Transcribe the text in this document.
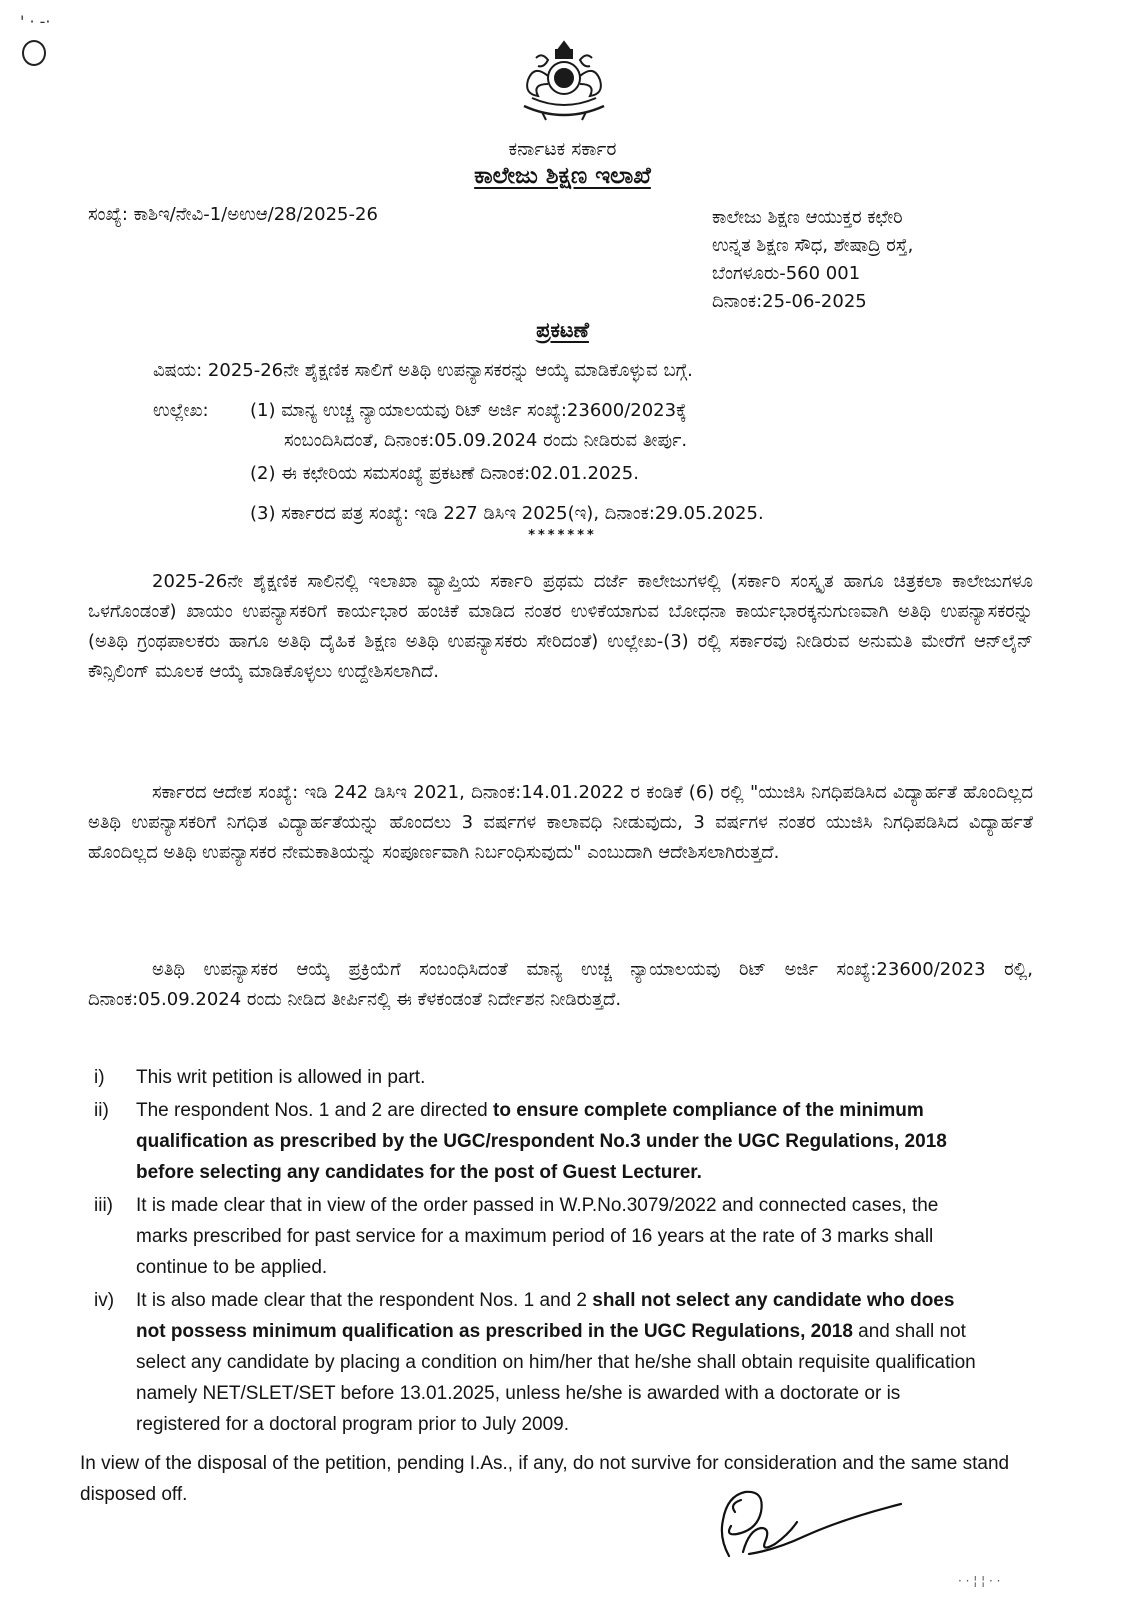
' · -·
ಕರ್ನಾಟಕ ಸರ್ಕಾರ
ಕಾಲೇಜು ಶಿಕ್ಷಣ ಇಲಾಖೆ
ಸಂಖ್ಯೆ: ಕಾಶಿಇ/ನೇವಿ-1/ಅಉಆ/28/2025-26	ಕಾಲೇಜು ಶಿಕ್ಷಣ ಆಯುಕ್ತರ ಕಛೇರಿ
ಉನ್ನತ ಶಿಕ್ಷಣ ಸೌಧ, ಶೇಷಾದ್ರಿ ರಸ್ತೆ,
ಬೆಂಗಳೂರು-560 001
ದಿನಾಂಕ:25-06-2025
ಪ್ರಕಟಣೆ
ವಿಷಯ: 2025-26ನೇ ಶೈಕ್ಷಣಿಕ ಸಾಲಿಗೆ ಅತಿಥಿ ಉಪನ್ಯಾಸಕರನ್ನು ಆಯ್ಕೆ ಮಾಡಿಕೊಳ್ಳುವ ಬಗ್ಗೆ.
ಉಲ್ಲೇಖ: (1) ಮಾನ್ಯ ಉಚ್ಚ ನ್ಯಾಯಾಲಯವು ರಿಟ್ ಅರ್ಜಿ ಸಂಖ್ಯೆ:23600/2023ಕ್ಕೆ
ಸಂಬಂದಿಸಿದಂತೆ, ದಿನಾಂಕ:05.09.2024 ರಂದು ನೀಡಿರುವ ತೀರ್ಪು.
(2) ಈ ಕಛೇರಿಯ ಸಮಸಂಖ್ಯೆ ಪ್ರಕಟಣೆ ದಿನಾಂಕ:02.01.2025.
(3) ಸರ್ಕಾರದ ಪತ್ರ ಸಂಖ್ಯೆ: ಇಡಿ 227 ಡಿಸಿಇ 2025(ಇ), ದಿನಾಂಕ:29.05.2025.
*******
2025-26ನೇ ಶೈಕ್ಷಣಿಕ ಸಾಲಿನಲ್ಲಿ ಇಲಾಖಾ ವ್ಯಾಪ್ತಿಯ ಸರ್ಕಾರಿ ಪ್ರಥಮ ದರ್ಜೆ ಕಾಲೇಜುಗಳಲ್ಲಿ (ಸರ್ಕಾರಿ ಸಂಸ್ಕೃತ ಹಾಗೂ ಚಿತ್ರಕಲಾ ಕಾಲೇಜುಗಳೂ ಒಳಗೊಂಡಂತೆ) ಖಾಯಂ ಉಪನ್ಯಾಸಕರಿಗೆ ಕಾರ್ಯಭಾರ ಹಂಚಿಕೆ ಮಾಡಿದ ನಂತರ ಉಳಿಕೆಯಾಗುವ ಬೋಧನಾ ಕಾರ್ಯಭಾರಕ್ಕನುಗುಣವಾಗಿ ಅತಿಥಿ ಉಪನ್ಯಾಸಕರನ್ನು (ಅತಿಥಿ ಗ್ರಂಥಪಾಲಕರು ಹಾಗೂ ಅತಿಥಿ ದೈಹಿಕ ಶಿಕ್ಷಣ ಅತಿಥಿ ಉಪನ್ಯಾಸಕರು ಸೇರಿದಂತೆ) ಉಲ್ಲೇಖ-(3) ರಲ್ಲಿ ಸರ್ಕಾರವು ನೀಡಿರುವ ಅನುಮತಿ ಮೇರೆಗೆ ಆನ್‌ಲೈನ್ ಕೌನ್ಸಿಲಿಂಗ್ ಮೂಲಕ ಆಯ್ಕೆ ಮಾಡಿಕೊಳ್ಳಲು ಉದ್ದೇಶಿಸಲಾಗಿದೆ.
ಸರ್ಕಾರದ ಆದೇಶ ಸಂಖ್ಯೆ: ಇಡಿ 242 ಡಿಸಿಇ 2021, ದಿನಾಂಕ:14.01.2022 ರ ಕಂಡಿಕೆ (6) ರಲ್ಲಿ "ಯುಜಿಸಿ ನಿಗಧಿಪಡಿಸಿದ ವಿದ್ಯಾರ್ಹತೆ ಹೊಂದಿಲ್ಲದ ಅತಿಥಿ ಉಪನ್ಯಾಸಕರಿಗೆ ನಿಗಧಿತ ವಿದ್ಯಾರ್ಹತೆಯನ್ನು ಹೊಂದಲು 3 ವರ್ಷಗಳ ಕಾಲಾವಧಿ ನೀಡುವುದು, 3 ವರ್ಷಗಳ ನಂತರ ಯುಜಿಸಿ ನಿಗಧಿಪಡಿಸಿದ ವಿದ್ಯಾರ್ಹತೆ ಹೊಂದಿಲ್ಲದ ಅತಿಥಿ ಉಪನ್ಯಾಸಕರ ನೇಮಕಾತಿಯನ್ನು ಸಂಪೂರ್ಣವಾಗಿ ನಿರ್ಬಂಧಿಸುವುದು" ಎಂಬುದಾಗಿ ಆದೇಶಿಸಲಾಗಿರುತ್ತದೆ.
ಅತಿಥಿ ಉಪನ್ಯಾಸಕರ ಆಯ್ಕೆ ಪ್ರಕ್ರಿಯೆಗೆ ಸಂಬಂಧಿಸಿದಂತೆ ಮಾನ್ಯ ಉಚ್ಚ ನ್ಯಾಯಾಲಯವು ರಿಟ್ ಅರ್ಜಿ ಸಂಖ್ಯೆ:23600/2023 ರಲ್ಲಿ, ದಿನಾಂಕ:05.09.2024 ರಂದು ನೀಡಿದ ತೀರ್ಪಿನಲ್ಲಿ ಈ ಕೆಳಕಂಡಂತೆ ನಿರ್ದೇಶನ ನೀಡಿರುತ್ತದೆ.
i) This writ petition is allowed in part.
ii) The respondent Nos. 1 and 2 are directed to ensure complete compliance of the minimum qualification as prescribed by the UGC/respondent No.3 under the UGC Regulations, 2018 before selecting any candidates for the post of Guest Lecturer.
iii) It is made clear that in view of the order passed in W.P.No.3079/2022 and connected cases, the marks prescribed for past service for a maximum period of 16 years at the rate of 3 marks shall continue to be applied.
iv) It is also made clear that the respondent Nos. 1 and 2 shall not select any candidate who does not possess minimum qualification as prescribed in the UGC Regulations, 2018 and shall not select any candidate by placing a condition on him/her that he/she shall obtain requisite qualification namely NET/SLET/SET before 13.01.2025, unless he/she is awarded with a doctorate or is registered for a doctoral program prior to July 2009.
In view of the disposal of the petition, pending I.As., if any, do not survive for consideration and the same stand disposed off.
· · ¦ ¦ · ·
